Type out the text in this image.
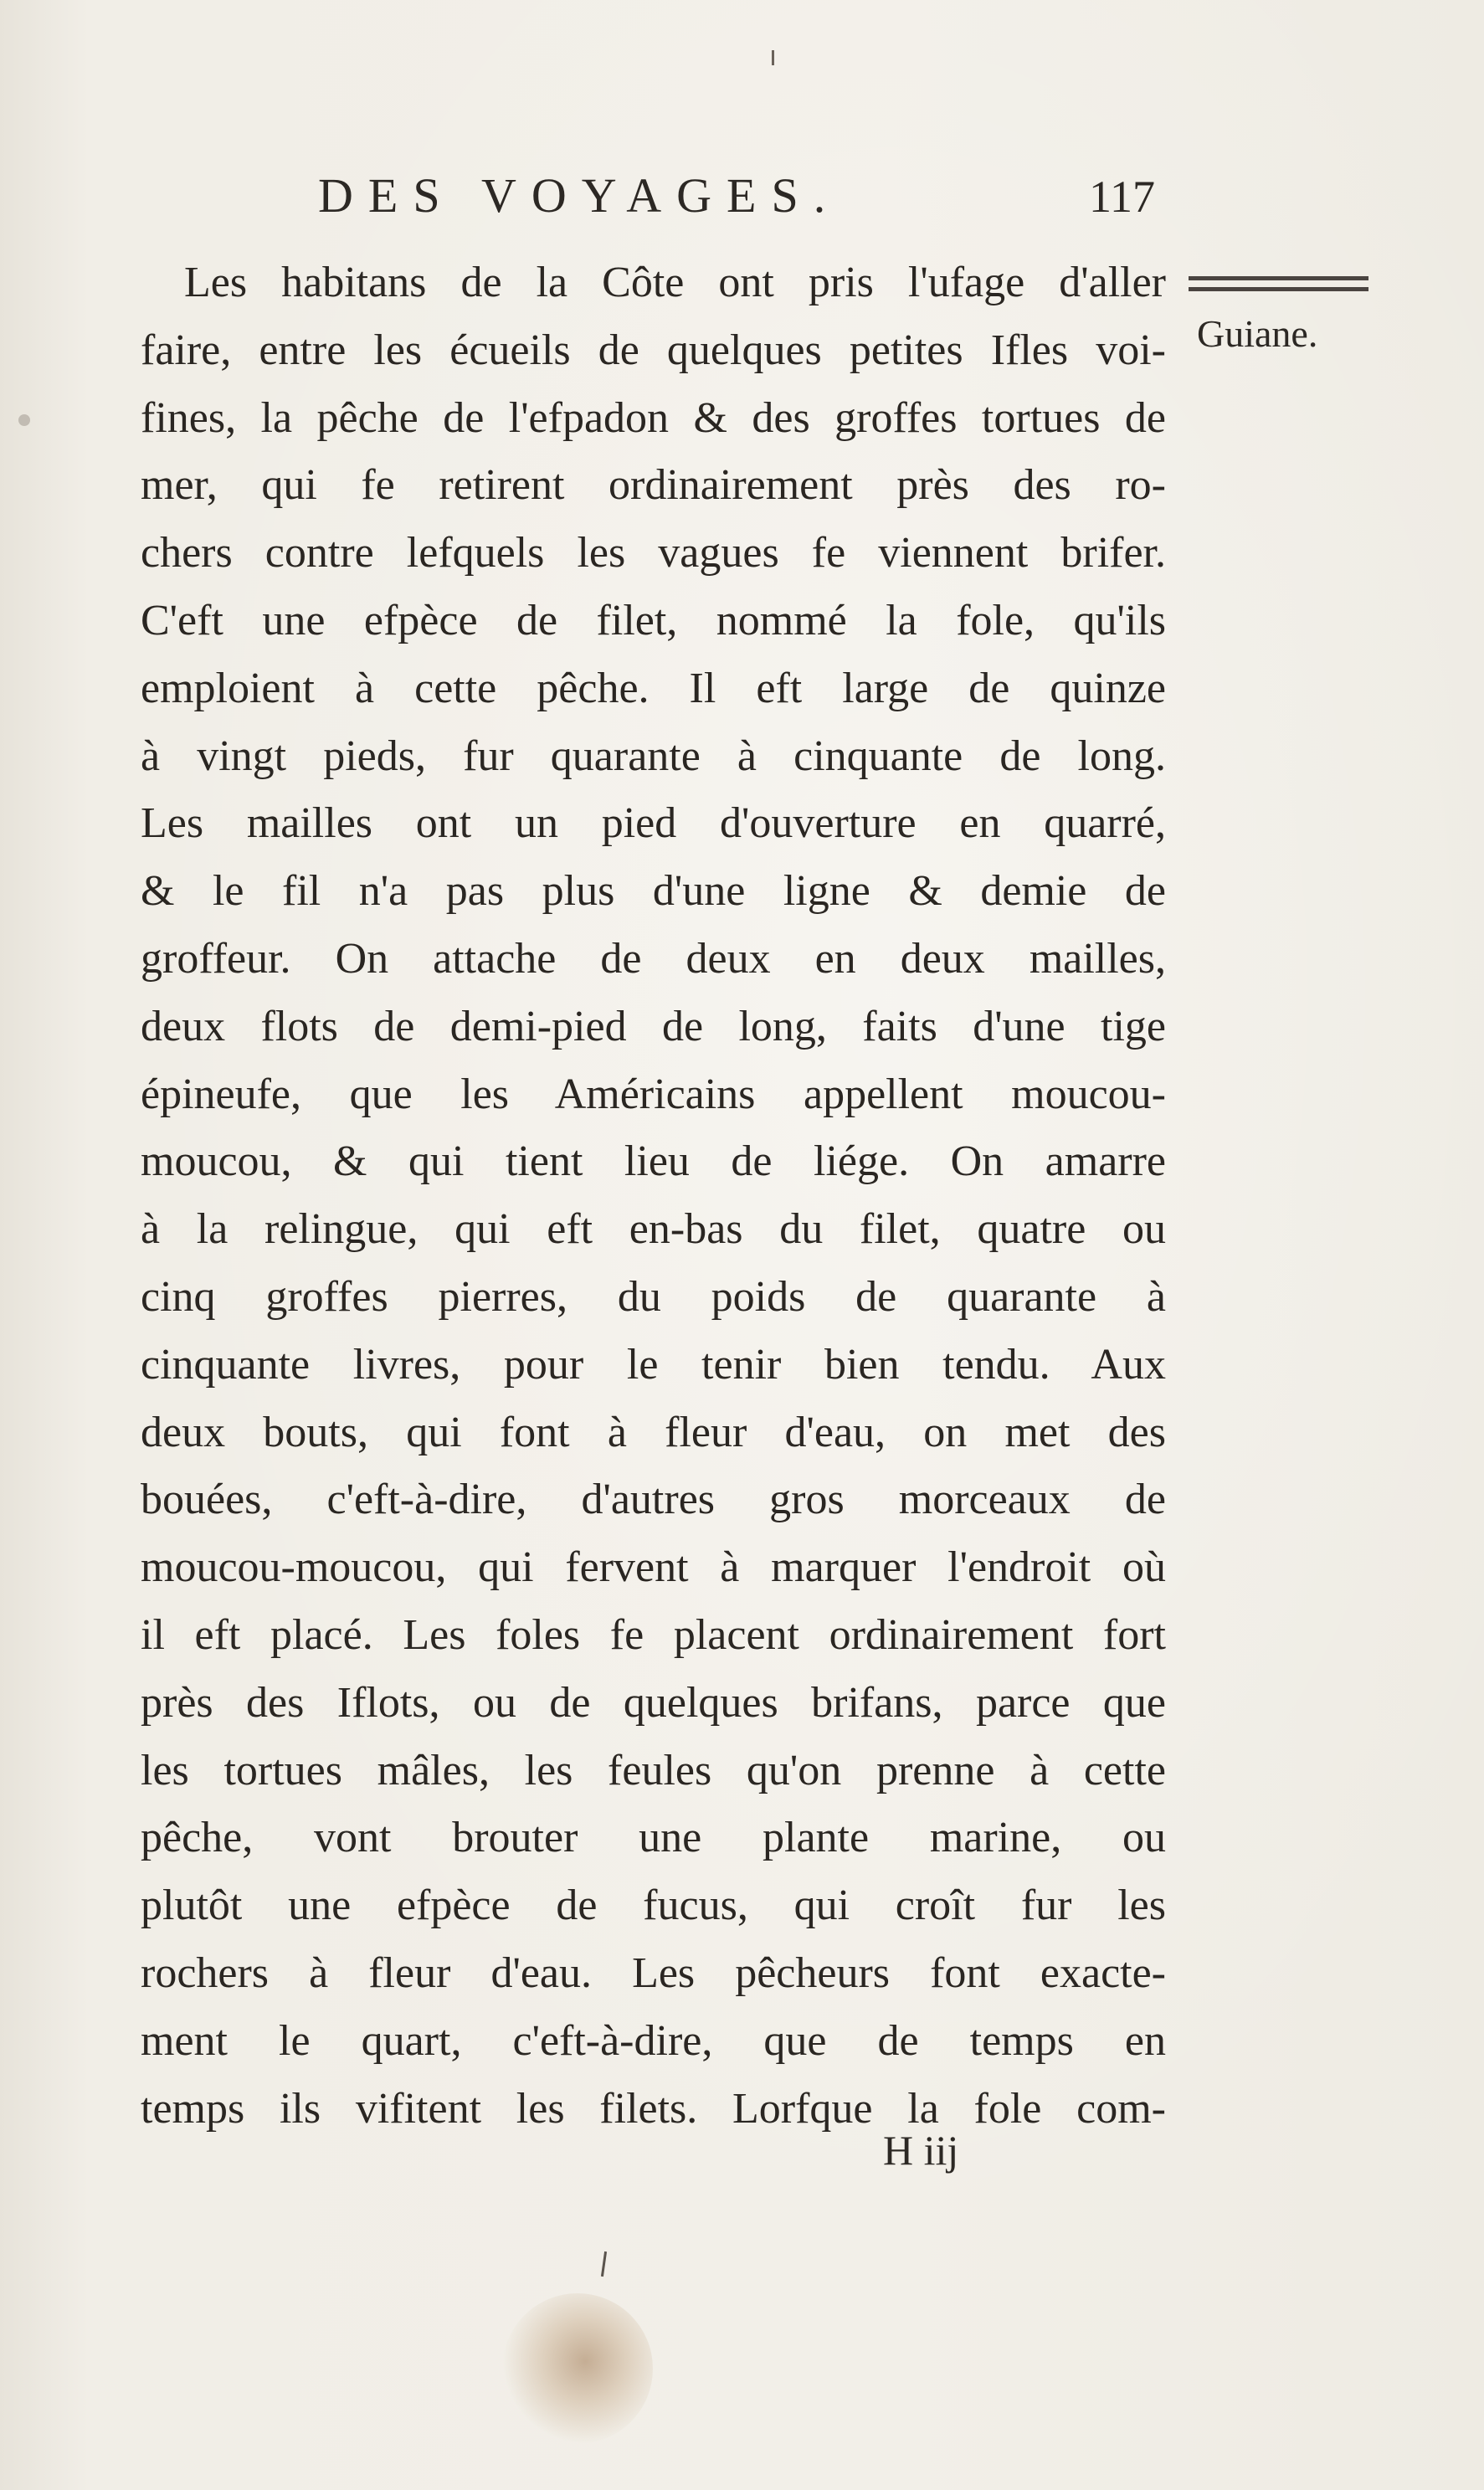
DES VOYAGES.	117
Guiane.
Les habitans de la Côte ont pris l'ufage d'aller
faire, entre les écueils de quelques petites Ifles voi-
fines, la pêche de l'efpadon & des groffes tortues de
mer, qui fe retirent ordinairement près des ro-
chers contre lefquels les vagues fe viennent brifer.
C'eft une efpèce de filet, nommé la fole, qu'ils
emploient à cette pêche. Il eft large de quinze
à vingt pieds, fur quarante à cinquante de long.
Les mailles ont un pied d'ouverture en quarré,
& le fil n'a pas plus d'une ligne & demie de
groffeur. On attache de deux en deux mailles,
deux flots de demi-pied de long, faits d'une tige
épineufe, que les Américains appellent moucou-
moucou, & qui tient lieu de liége. On amarre
à la relingue, qui eft en-bas du filet, quatre ou
cinq groffes pierres, du poids de quarante à
cinquante livres, pour le tenir bien tendu. Aux
deux bouts, qui font à fleur d'eau, on met des
bouées, c'eft-à-dire, d'autres gros morceaux de
moucou-moucou, qui fervent à marquer l'endroit où
il eft placé. Les foles fe placent ordinairement fort
près des Iflots, ou de quelques brifans, parce que
les tortues mâles, les feules qu'on prenne à cette
pêche, vont brouter une plante marine, ou
plutôt une efpèce de fucus, qui croît fur les
rochers à fleur d'eau. Les pêcheurs font exacte-
ment le quart, c'eft-à-dire, que de temps en
temps ils vifitent les filets. Lorfque la fole com-
H iij
